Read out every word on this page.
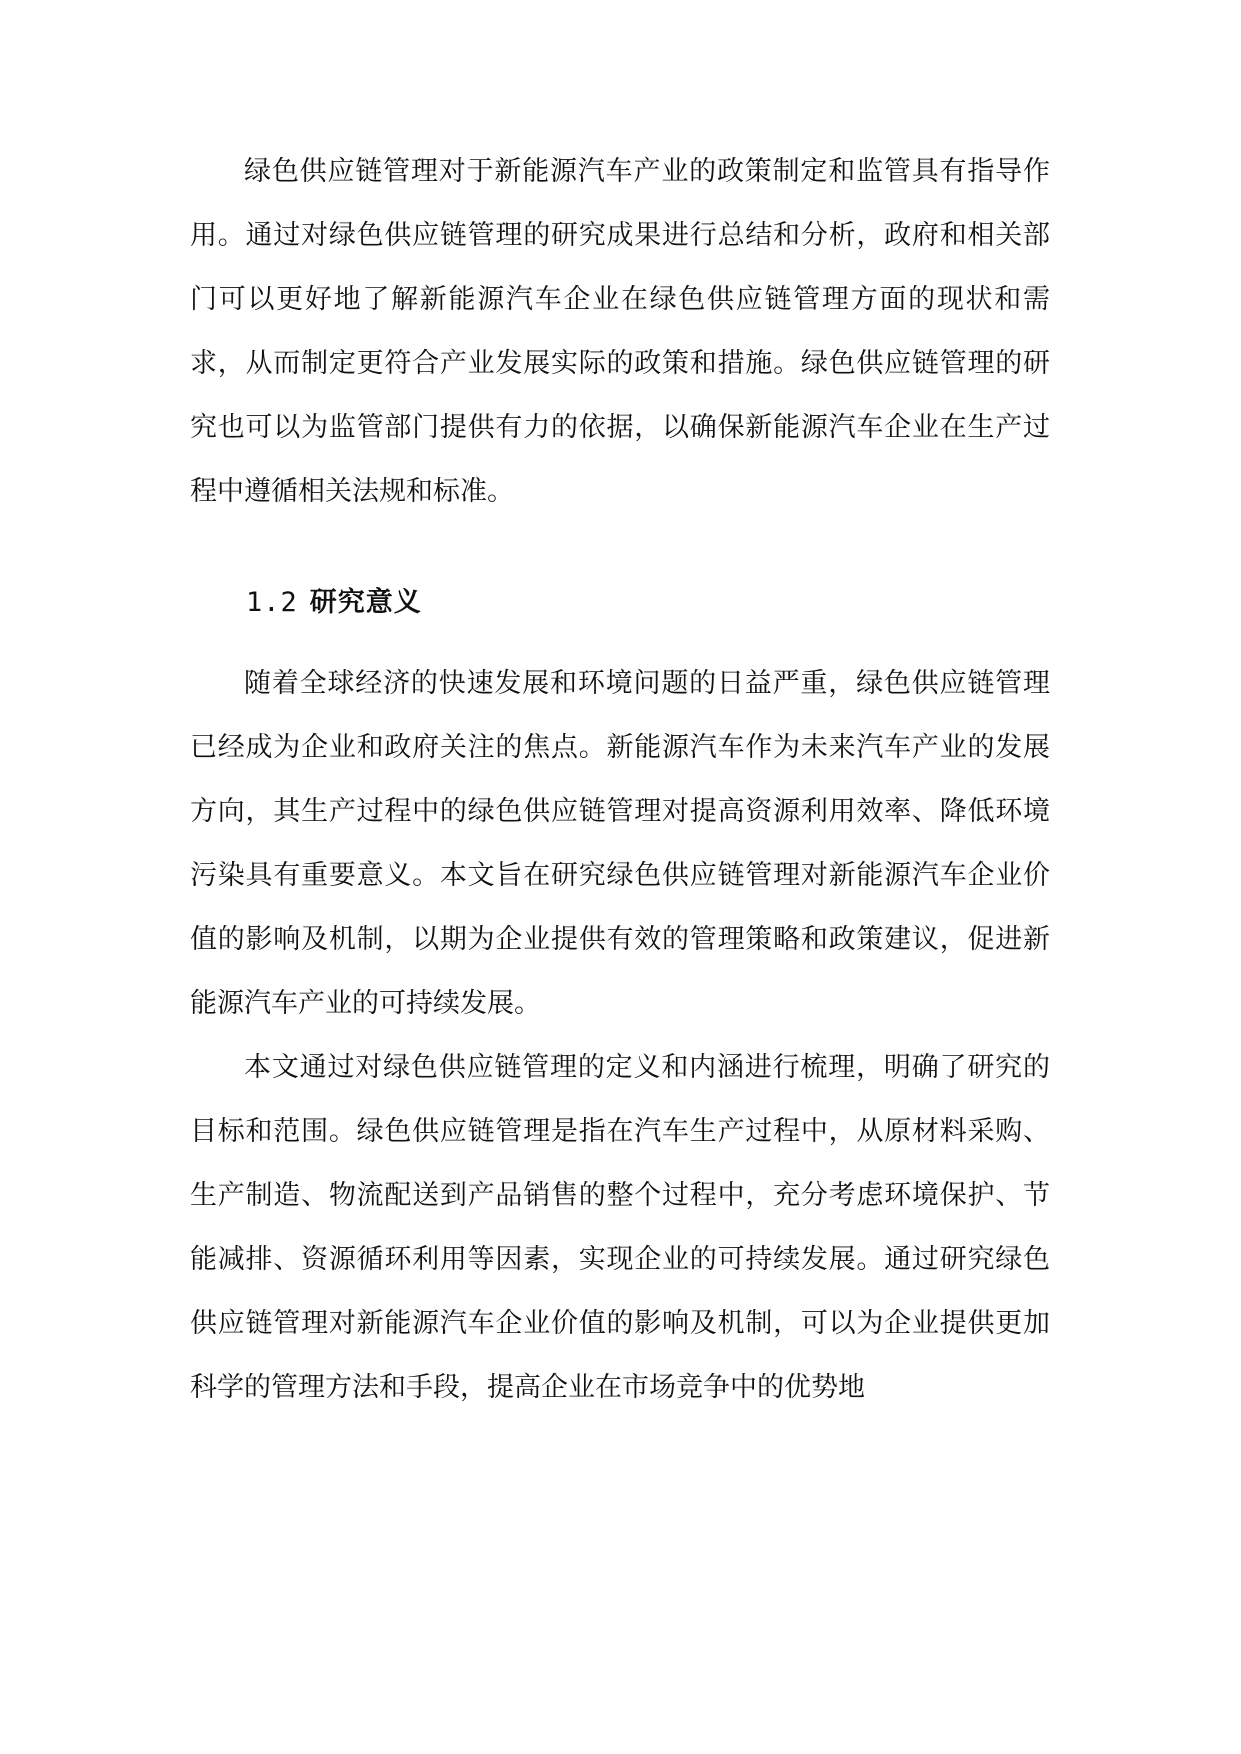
绿色供应链管理对于新能源汽车产业的政策制定和监管具有指导作用。通过对绿色供应链管理的研究成果进行总结和分析，政府和相关部门可以更好地了解新能源汽车企业在绿色供应链管理方面的现状和需求，从而制定更符合产业发展实际的政策和措施。绿色供应链管理的研究也可以为监管部门提供有力的依据，以确保新能源汽车企业在生产过程中遵循相关法规和标准。

1.2 研究意义

随着全球经济的快速发展和环境问题的日益严重，绿色供应链管理已经成为企业和政府关注的焦点。新能源汽车作为未来汽车产业的发展方向，其生产过程中的绿色供应链管理对提高资源利用效率、降低环境污染具有重要意义。本文旨在研究绿色供应链管理对新能源汽车企业价值的影响及机制，以期为企业提供有效的管理策略和政策建议，促进新能源汽车产业的可持续发展。

本文通过对绿色供应链管理的定义和内涵进行梳理，明确了研究的目标和范围。绿色供应链管理是指在汽车生产过程中，从原材料采购、生产制造、物流配送到产品销售的整个过程中，充分考虑环境保护、节能减排、资源循环利用等因素，实现企业的可持续发展。通过研究绿色供应链管理对新能源汽车企业价值的影响及机制，可以为企业提供更加科学的管理方法和手段，提高企业在市场竞争中的优势地
